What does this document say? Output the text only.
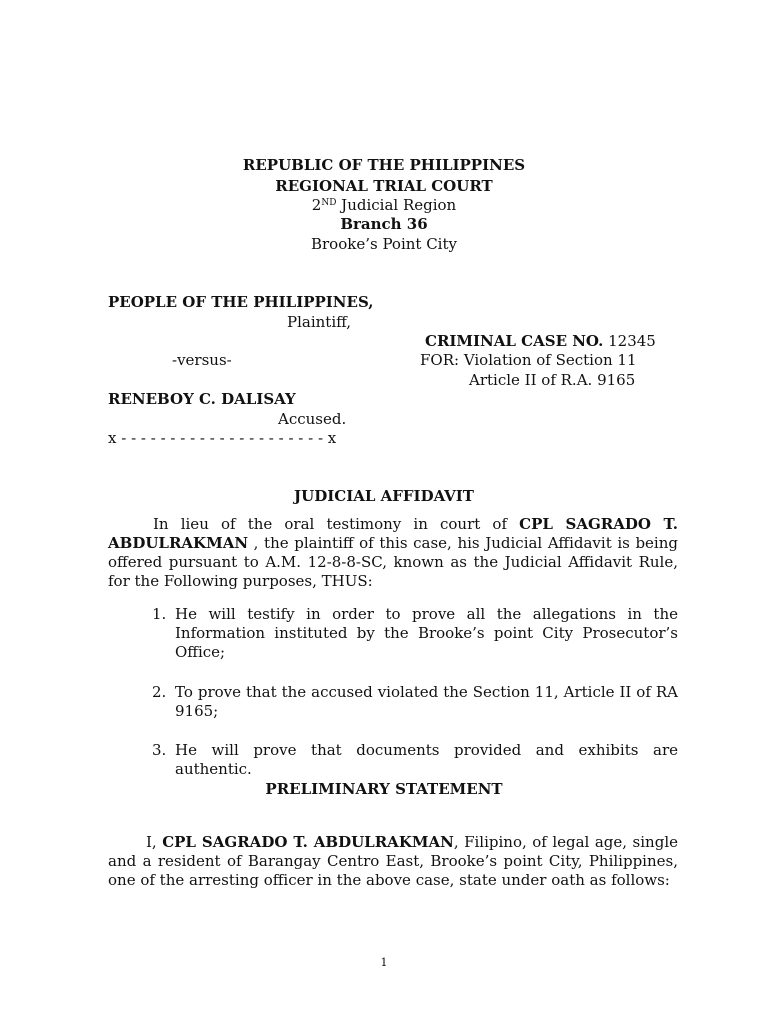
REPUBLIC OF THE PHILIPPINES
REGIONAL TRIAL COURT
2ND Judicial Region
Branch 36
Brooke’s Point City
PEOPLE OF THE PHILIPPINES,
Plaintiff,
CRIMINAL CASE NO. 12345
-versus-	FOR: Violation of Section 11
Article II of R.A. 9165
RENEBOY C. DALISAY
Accused.
x - - - - - - - - - - - - - - - - - - - - - x
JUDICIAL AFFIDAVIT
In lieu of the oral testimony in court of CPL SAGRADO T. ABDULRAKMAN , the plaintiff of this case, his Judicial Affidavit is being offered pursuant to A.M. 12-8-8-SC, known as the Judicial Affidavit Rule, for the Following purposes, THUS:
1. He will testify in order to prove all the allegations in the Information instituted by the Brooke’s point City Prosecutor’s Office;
2. To prove that the accused violated the Section 11, Article II of RA 9165;
3. He will prove that documents provided and exhibits are authentic.
PRELIMINARY STATEMENT
I, CPL SAGRADO T. ABDULRAKMAN, Filipino, of legal age, single and a resident of Barangay Centro East, Brooke’s point City, Philippines, one of the arresting officer in the above case, state under oath as follows:
1
